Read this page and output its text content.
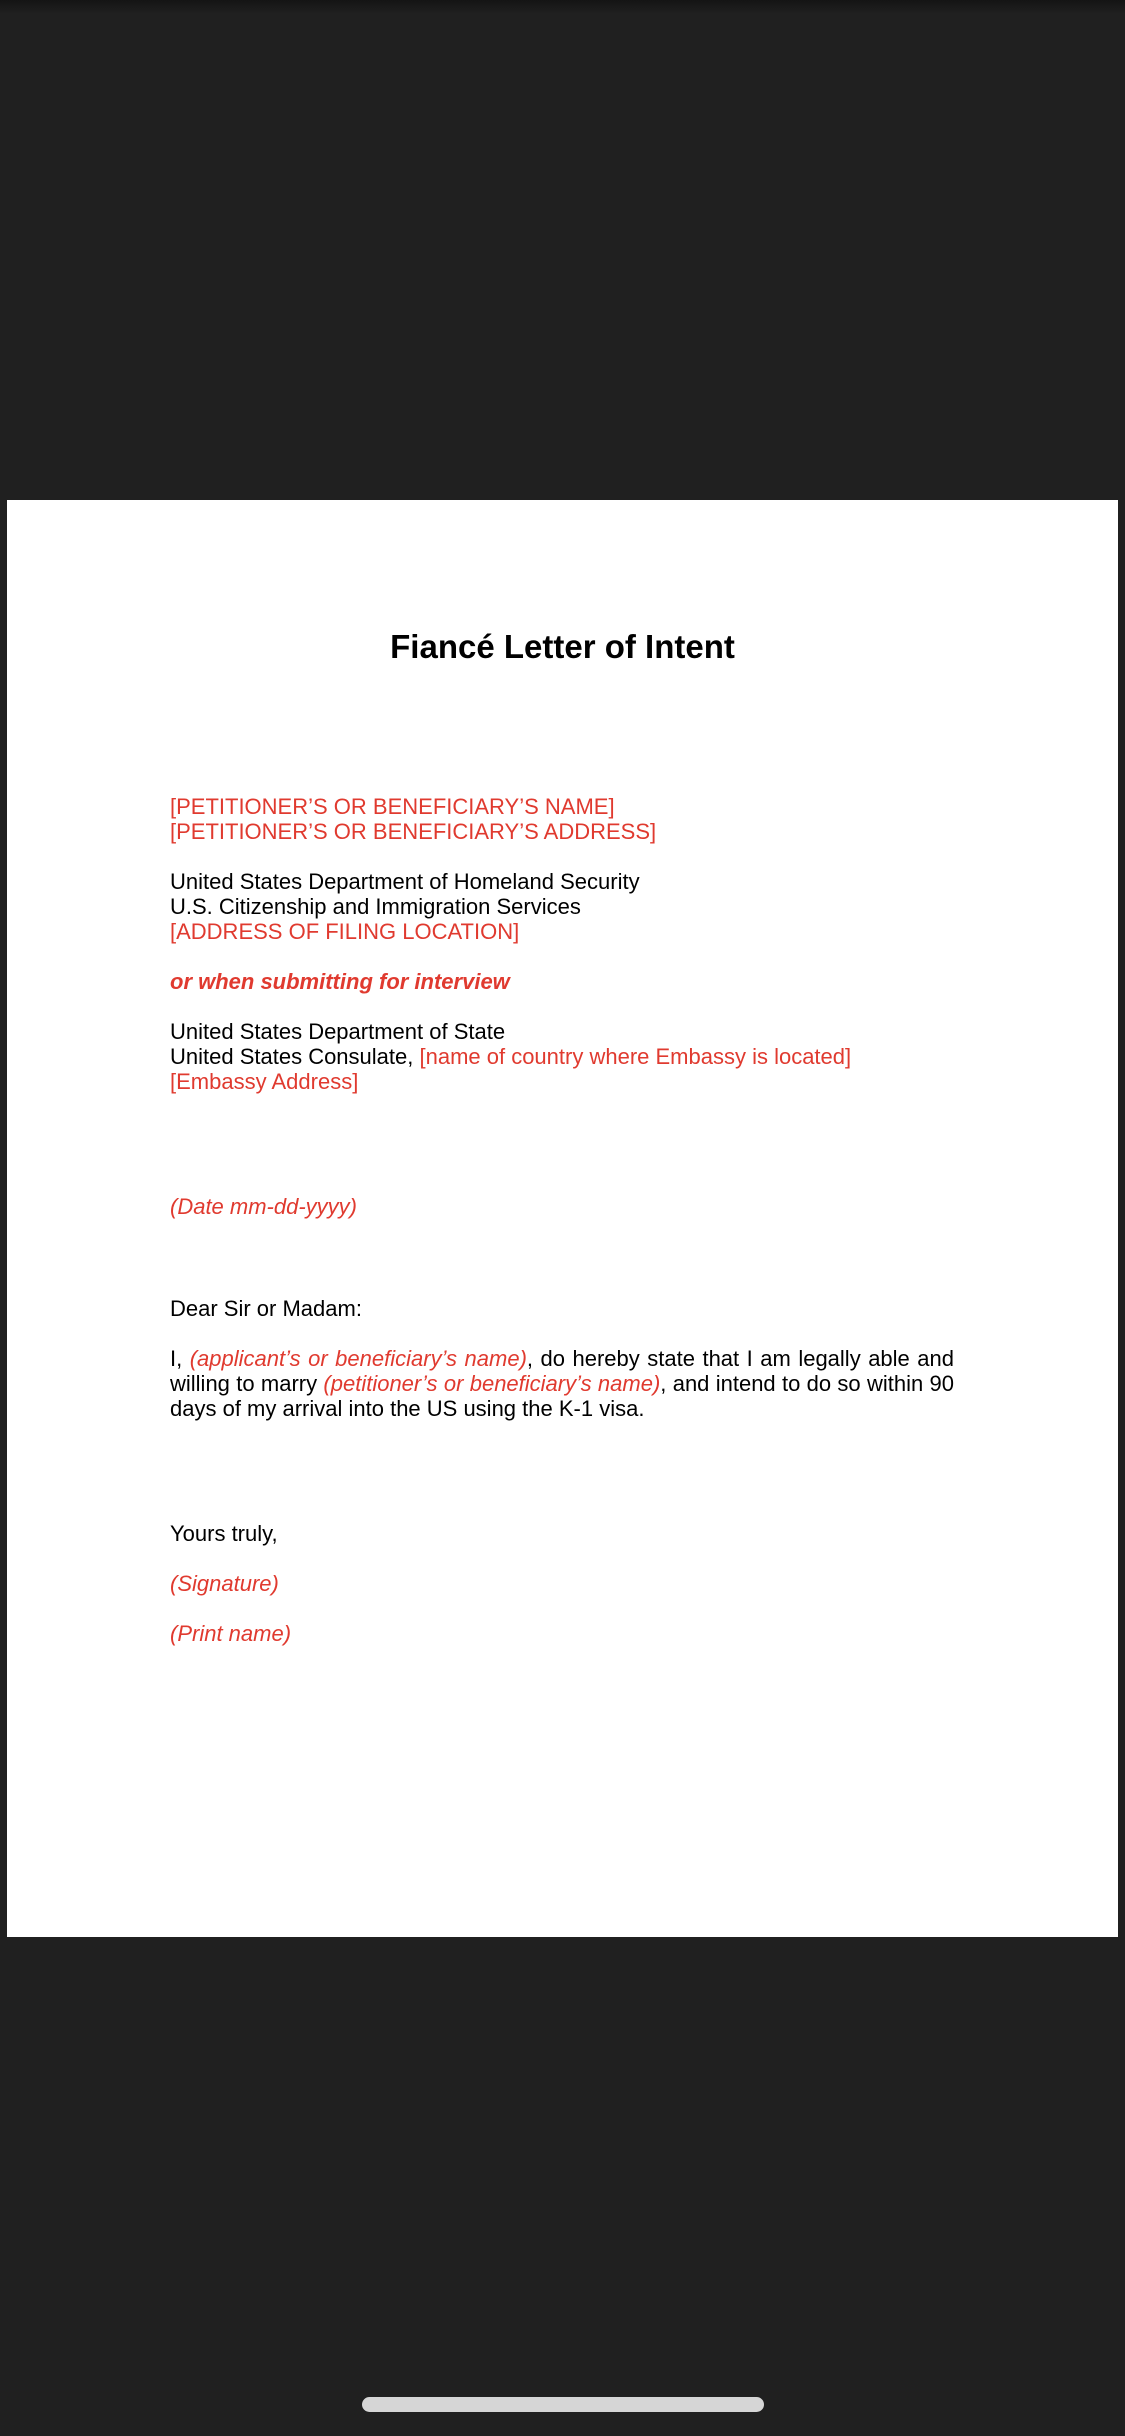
Fiancé Letter of Intent
[PETITIONER’S OR BENEFICIARY’S NAME]
[PETITIONER’S OR BENEFICIARY’S ADDRESS]
United States Department of Homeland Security
U.S. Citizenship and Immigration Services
[ADDRESS OF FILING LOCATION]
or when submitting for interview
United States Department of State
United States Consulate, [name of country where Embassy is located]
[Embassy Address]
(Date mm-dd-yyyy)
Dear Sir or Madam:
I, (applicant’s or beneficiary’s name), do hereby state that I am legally able and willing to marry (petitioner’s or beneficiary’s name), and intend to do so within 90 days of my arrival into the US using the K-1 visa.
Yours truly,
(Signature)
(Print name)
